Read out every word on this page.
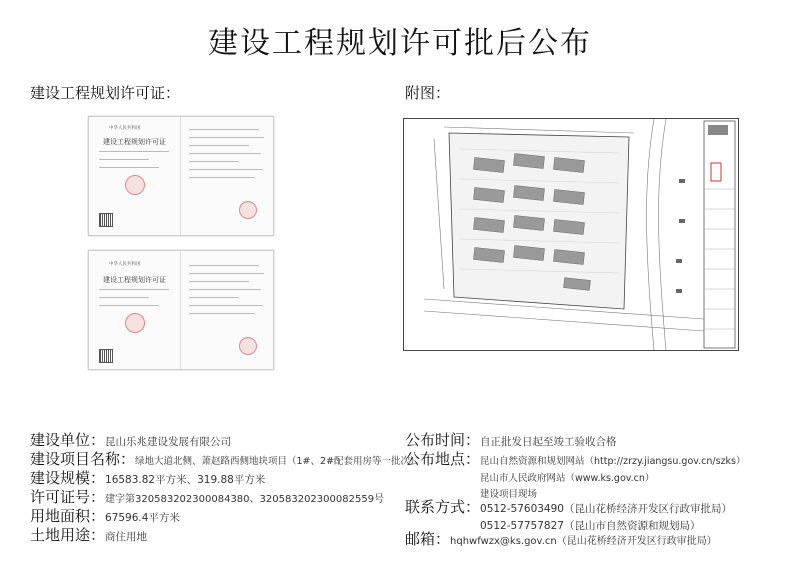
建设工程规划许可批后公布
建设工程规划许可证：	附图：
中华人民共和国
建设工程规划许可证
中华人民共和国
建设工程规划许可证
建设单位：昆山乐兆建设发展有限公司
建设项目名称：绿地大道北侧、萧赵路西侧地块项目（1#、2#配套用房等一批次）
建设规模：16583.82平方米、319.88平方米
许可证号：建字第320583202300084380、320583202300082559号
用地面积：67596.4平方米
土地用途：商住用地
公布时间：自正批发日起至竣工验收合格
公布地点：昆山自然资源和规划网站（http://zrzy.jiangsu.gov.cn/szks）
昆山市人民政府网站（www.ks.gov.cn）
建设项目现场
联系方式：0512-57603490（昆山花桥经济开发区行政审批局）
0512-57757827（昆山市自然资源和规划局）
邮箱：hqhwfwzx@ks.gov.cn（昆山花桥经济开发区行政审批局）
